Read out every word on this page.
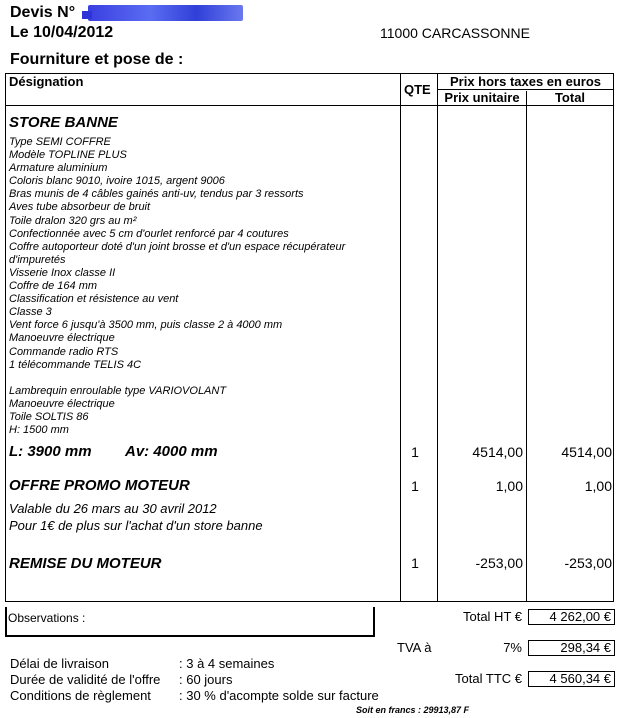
Devis N°
Le 10/04/2012	11000 CARCASSONNE
Fourniture et pose de :
Désignation
QTE
Prix hors taxes en euros
Prix unitaire	Total
STORE BANNE
Type SEMI COFFRE
Modèle TOPLINE PLUS
Armature aluminium
Coloris blanc 9010, ivoire 1015, argent 9006
Bras munis de 4 câbles gainés anti-uv, tendus par 3 ressorts
Aves tube absorbeur de bruit
Toile dralon 320 grs au m²
Confectionnée avec 5 cm d'ourlet renforcé par 4 coutures
Coffre autoporteur doté d'un joint brosse et d'un espace récupérateur
d'impuretés
Visserie Inox classe II
Coffre de 164 mm
Classification et résistence au vent
Classe 3
Vent force 6 jusqu'à 3500 mm, puis classe 2 à 4000 mm
Manoeuvre électrique
Commande radio RTS
1 télécommande TELIS 4C
Lambrequin enroulable type VARIOVOLANT
Manoeuvre électrique
Toile SOLTIS 86
H: 1500 mm
L: 3900 mm Av: 4000 mm	1	4514,00	4514,00
OFFRE PROMO MOTEUR	1	1,00	1,00
Valable du 26 mars au 30 avril 2012
Pour 1€ de plus sur l'achat d'un store banne
REMISE DU MOTEUR	1	-253,00	-253,00
Observations :	Total HT €	4 262,00 €
TVA à	7%	298,34 €
Total TTC €	4 560,34 €
Délai de livraison	: 3 à 4 semaines
Durée de validité de l'offre : 60 jours
Conditions de règlement : 30 % d'acompte solde sur facture
Soit en francs : 29913,87 F
